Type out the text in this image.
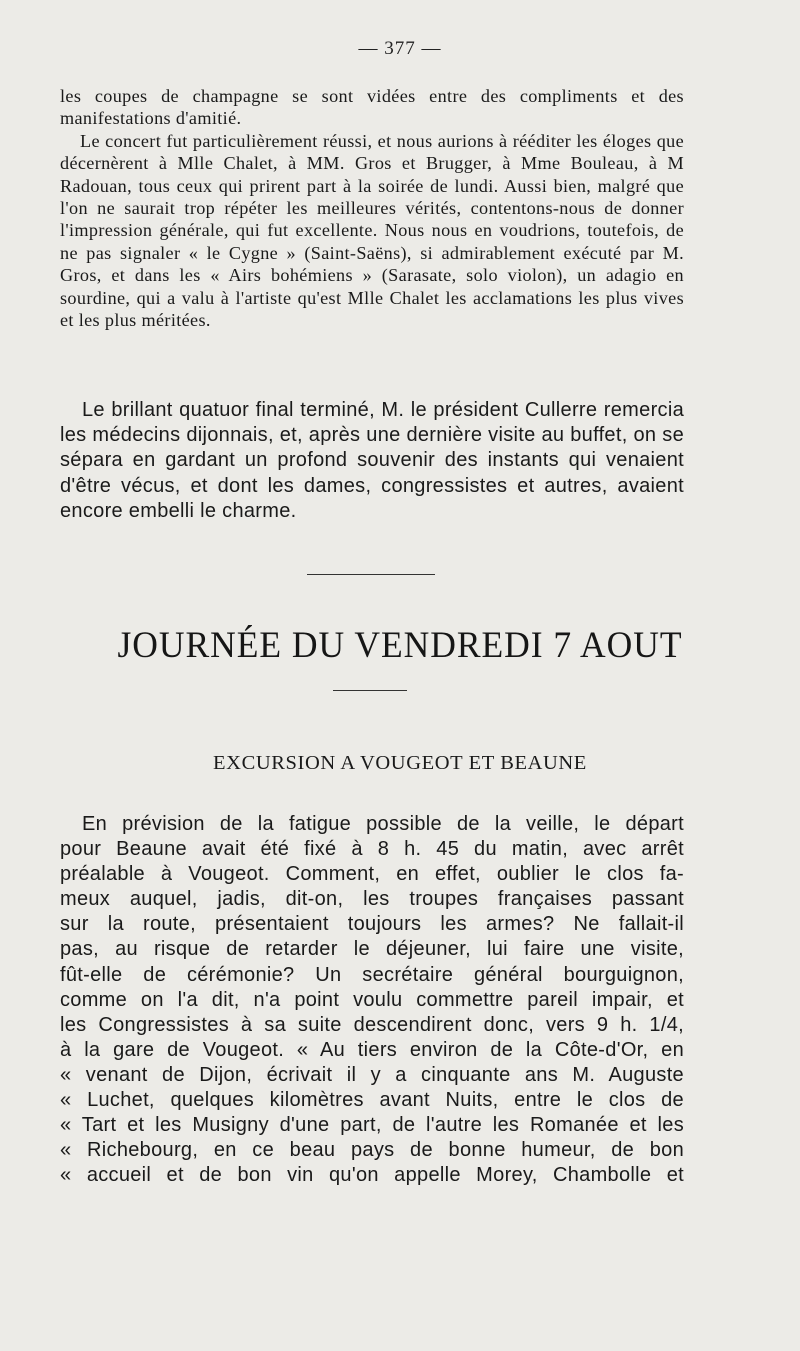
— 377 —

les coupes de champagne se sont vidées entre des compliments et des manifestations d'amitié.

Le concert fut particulièrement réussi, et nous aurions à rééditer les éloges que décernèrent à Mlle Chalet, à MM. Gros et Brugger, à Mme Bouleau, à M Radouan, tous ceux qui prirent part à la soirée de lundi. Aussi bien, malgré que l'on ne saurait trop répéter les meilleures vérités, contentons-nous de donner l'impression générale, qui fut excellente. Nous nous en voudrions, toutefois, de ne pas signaler « le Cygne » (Saint-Saëns), si admirablement exécuté par M. Gros, et dans les « Airs bohémiens » (Sarasate, solo violon), un adagio en sourdine, qui a valu à l'artiste qu'est Mlle Chalet les acclamations les plus vives et les plus méritées.

Le brillant quatuor final terminé, M. le président Cullerre remercia les médecins dijonnais, et, après une dernière visite au buffet, on se sépara en gardant un profond souvenir des instants qui venaient d'être vécus, et dont les dames, congressistes et autres, avaient encore embelli le charme.

JOURNÉE DU VENDREDI 7 AOUT
EXCURSION A VOUGEOT ET BEAUNE
En prévision de la fatigue possible de la veille, le départ
pour Beaune avait été fixé à 8 h. 45 du matin, avec arrêt
préalable à Vougeot. Comment, en effet, oublier le clos fa-
meux auquel, jadis, dit-on, les troupes françaises passant
sur la route, présentaient toujours les armes? Ne fallait-il
pas, au risque de retarder le déjeuner, lui faire une visite,
fût-elle de cérémonie? Un secrétaire général bourguignon,
comme on l'a dit, n'a point voulu commettre pareil impair, et
les Congressistes à sa suite descendirent donc, vers 9 h. 1/4,
à la gare de Vougeot. « Au tiers environ de la Côte-d'Or, en
« venant de Dijon, écrivait il y a cinquante ans M. Auguste
« Luchet, quelques kilomètres avant Nuits, entre le clos de
« Tart et les Musigny d'une part, de l'autre les Romanée et les
« Richebourg, en ce beau pays de bonne humeur, de bon
« accueil et de bon vin qu'on appelle Morey, Chambolle et
